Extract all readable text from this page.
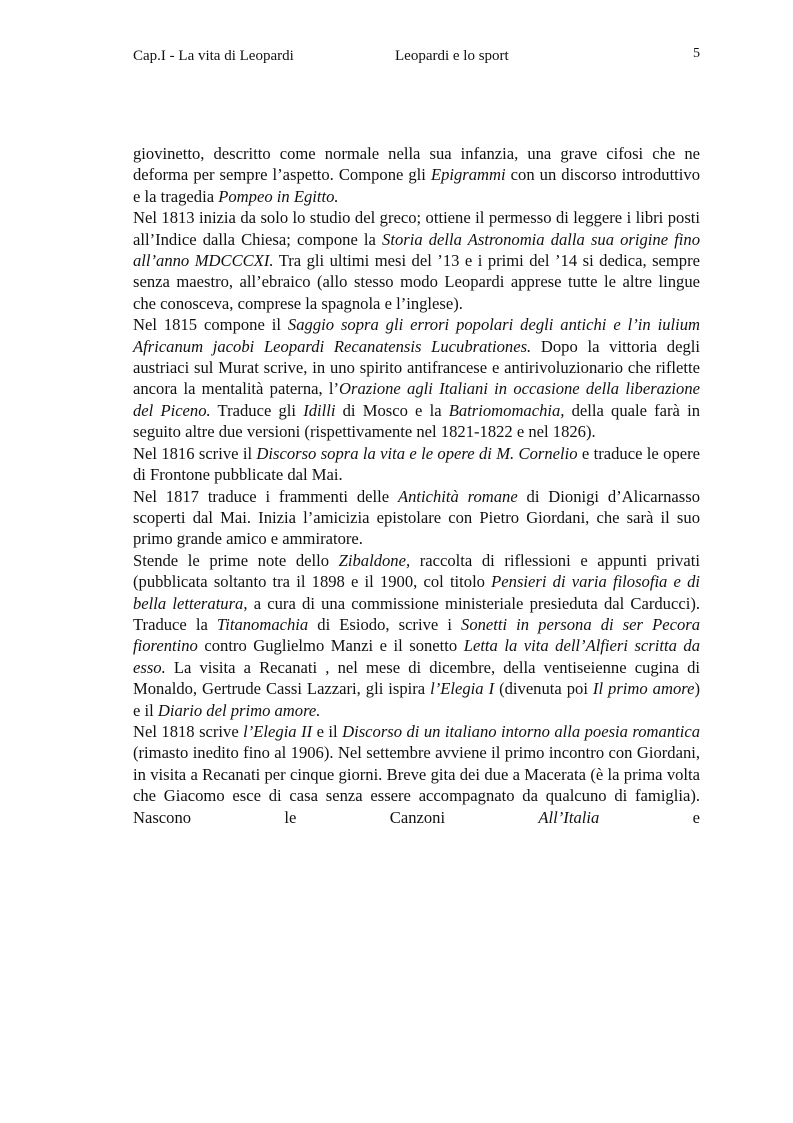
Cap.I - La vita di Leopardi	Leopardi e lo sport	5

giovinetto, descritto come normale nella sua infanzia, una grave cifosi che ne deforma per sempre l’aspetto. Compone gli Epigrammi con un discorso introduttivo e la tragedia Pompeo in Egitto.

Nel 1813 inizia da solo lo studio del greco; ottiene il permesso di leggere i libri posti all’Indice dalla Chiesa; compone la Storia della Astronomia dalla sua origine fino all’anno MDCCCXI. Tra gli ultimi mesi del ’13 e i primi del ’14 si dedica, sempre senza maestro, all’ebraico (allo stesso modo Leopardi apprese tutte le altre lingue che conosceva, comprese la spagnola e l’inglese).

Nel 1815 compone il Saggio sopra gli errori popolari degli antichi e l’in iulium Africanum jacobi Leopardi Recanatensis Lucubrationes. Dopo la vittoria degli austriaci sul Murat scrive, in uno spirito antifrancese e antirivoluzionario che riflette ancora la mentalità paterna, l’Orazione agli Italiani in occasione della liberazione del Piceno. Traduce gli Idilli di Mosco e la Batriomomachia, della quale farà in seguito altre due versioni (rispettivamente nel 1821-1822 e nel 1826).

Nel 1816 scrive il Discorso sopra la vita e le opere di M. Cornelio e traduce le opere di Frontone pubblicate dal Mai.

Nel 1817 traduce i frammenti delle Antichità romane di Dionigi d’Alicarnasso scoperti dal Mai. Inizia l’amicizia epistolare con Pietro Giordani, che sarà il suo primo grande amico e ammiratore.

Stende le prime note dello Zibaldone, raccolta di riflessioni e appunti privati (pubblicata soltanto tra il 1898 e il 1900, col titolo Pensieri di varia filosofia e di bella letteratura, a cura di una commissione ministeriale presieduta dal Carducci). Traduce la Titanomachia di Esiodo, scrive i Sonetti in persona di ser Pecora fiorentino contro Guglielmo Manzi e il sonetto Letta la vita dell’Alfieri scritta da esso. La visita a Recanati , nel mese di dicembre, della ventiseienne cugina di Monaldo, Gertrude Cassi Lazzari, gli ispira l’Elegia I (divenuta poi Il primo amore) e il Diario del primo amore.

Nel 1818 scrive l’Elegia II e il Discorso di un italiano intorno alla poesia romantica (rimasto inedito fino al 1906). Nel settembre avviene il primo incontro con Giordani, in visita a Recanati per cinque giorni. Breve gita dei due a Macerata (è la prima volta che Giacomo esce di casa senza essere accompagnato da qualcuno di famiglia). Nascono le Canzoni All’Italia e
